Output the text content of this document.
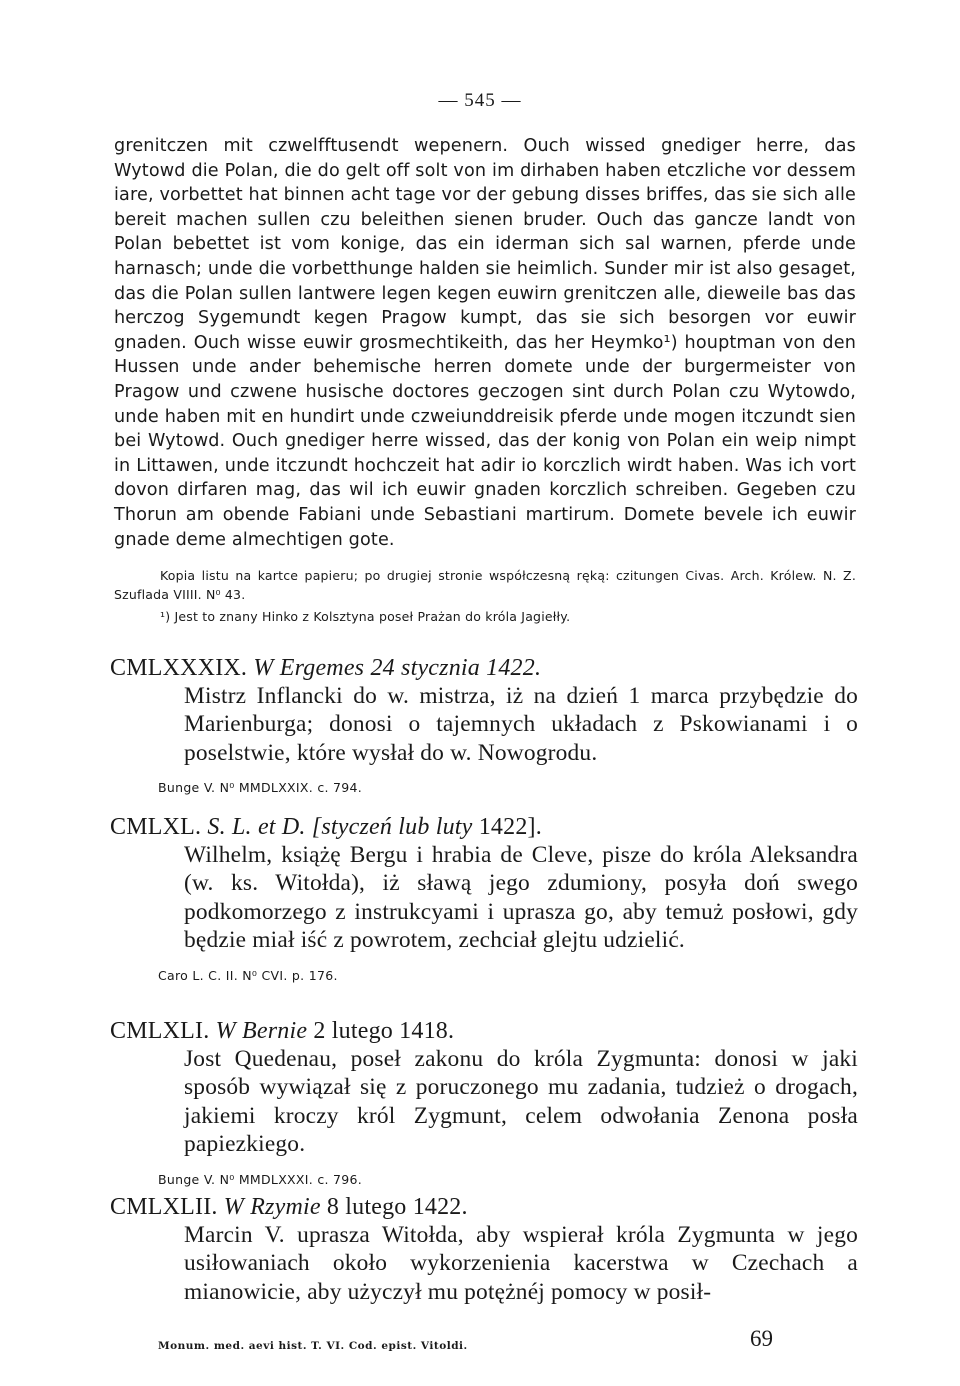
— 545 —

grenitczen mit czwelfftusendt wepenern. Ouch wissed gnediger herre, das Wytowd die Polan, die do gelt off solt von im dirhaben haben etczliche vor dessem iare, vorbettet hat binnen acht tage vor der gebung disses briffes, das sie sich alle bereit machen sullen czu beleithen sienen bruder. Ouch das gancze landt von Polan bebettet ist vom konige, das ein iderman sich sal warnen, pferde unde harnasch; unde die vorbetthunge halden sie heimlich. Sunder mir ist also gesaget, das die Polan sullen lantwere legen kegen euwirn grenitczen alle, dieweile bas das herczog Sygemundt kegen Pragow kumpt, das sie sich besorgen vor euwir gnaden. Ouch wisse euwir grosmechtikeith, das her Heymko¹) houptman von den Hussen unde ander behemische herren domete unde der burgermeister von Pragow und czwene husische doctores geczogen sint durch Polan czu Wytowdo, unde haben mit en hundirt unde czweiunddreisik pferde unde mogen itczundt sien bei Wytowd. Ouch gnediger herre wissed, das der konig von Polan ein weip nimpt in Littawen, unde itczundt hochczeit hat adir io korczlich wirdt haben. Was ich vort dovon dirfaren mag, das wil ich euwir gnaden korczlich schreiben. Gegeben czu Thorun am obende Fabiani unde Sebastiani martirum. Domete bevele ich euwir gnade deme almechtigen gote.

Kopia listu na kartce papieru; po drugiej stronie współczesną ręką: czitungen Civas. Arch. Królew. N. Z. Szuflada VIIII. N⁰ 43.

¹) Jest to znany Hinko z Kolsztyna poseł Prażan do króla Jagiełły.

CMLXXXIX. W Ergemes 24 stycznia 1422.

Mistrz Inflancki do w. mistrza, iż na dzień 1 marca przybędzie do Marienburga; donosi o tajemnych układach z Pskowianami i o poselstwie, które wysłał do w. Nowogrodu.

Bunge V. N⁰ MMDLXXIX. c. 794.
CMLXL. S. L. et D. [styczeń lub luty 1422].

Wilhelm, książę Bergu i hrabia de Cleve, pisze do króla Aleksandra (w. ks. Witołda), iż sławą jego zdumiony, posyła doń swego podkomorzego z instrukcyami i uprasza go, aby temuż posłowi, gdy będzie miał iść z powrotem, zechciał glejtu udzielić.

Caro L. C. II. N⁰ CVI. p. 176.
CMLXLI. W Bernie 2 lutego 1418.

Jost Quedenau, poseł zakonu do króla Zygmunta: donosi w jaki sposób wywiązał się z poruczonego mu zadania, tudzież o drogach, jakiemi kroczy król Zygmunt, celem odwołania Zenona posła papiezkiego.

Bunge V. N⁰ MMDLXXXI. c. 796.
CMLXLII. W Rzymie 8 lutego 1422.

Marcin V. uprasza Witołda, aby wspierał króla Zygmunta w jego usiłowaniach około wykorzenienia kacerstwa w Czechach a mianowicie, aby użyczył mu potężnéj pomocy w posił-

Monum. med. aevi hist. T. VI. Cod. epist. Vitoldi.	69
